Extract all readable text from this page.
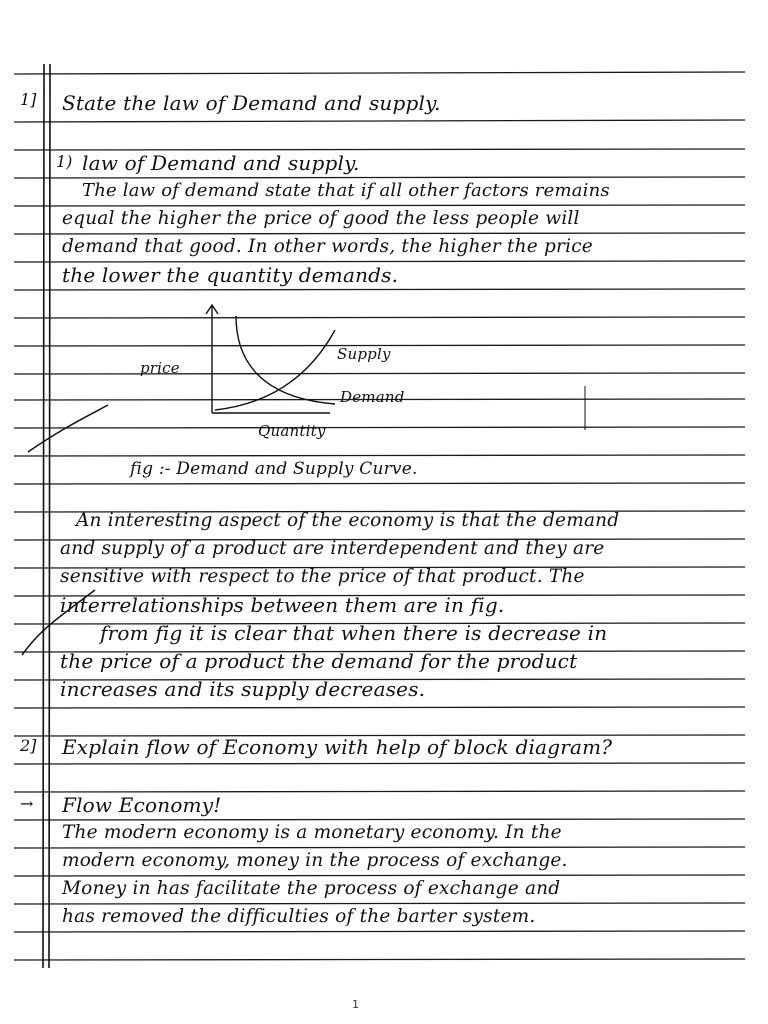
1] State the law of Demand and supply.
1) law of Demand and supply.
The law of demand state that if all other factors remains
equal the higher the price of good the less people will
demand that good. In other words, the higher the price
the lower the quantity demands.
price
Supply
Demand
Quantity
fig :- Demand and Supply Curve.
An interesting aspect of the economy is that the demand
and supply of a product are interdependent and they are
sensitive with respect to the price of that product. The
interrelationships between them are in fig.
from fig it is clear that when there is decrease in
the price of a product the demand for the product
increases and its supply decreases.
2] Explain flow of Economy with help of block diagram?
→ Flow Economy!
The modern economy is a monetary economy. In the
modern economy, money in the process of exchange.
Money in has facilitate the process of exchange and
has removed the difficulties of the barter system.
1
